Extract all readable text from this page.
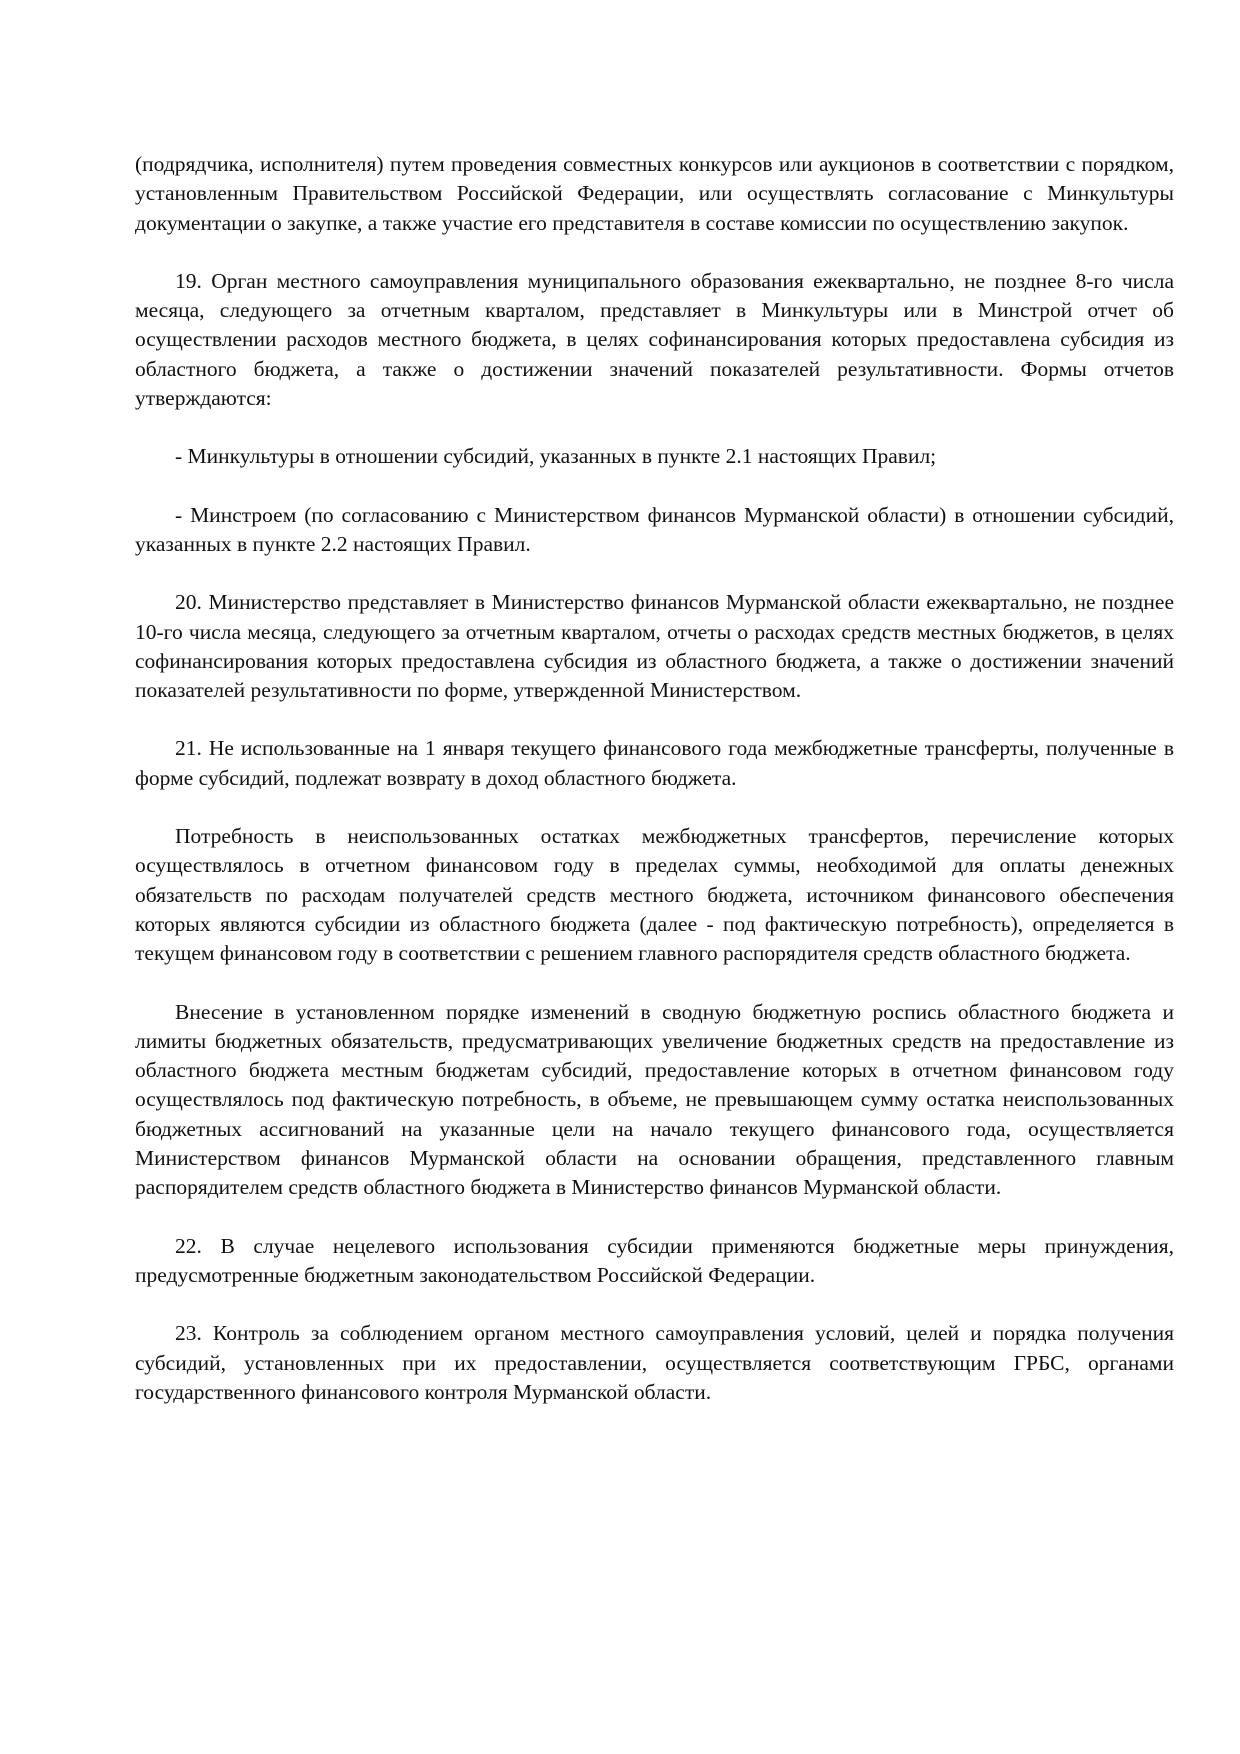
(подрядчика, исполнителя) путем проведения совместных конкурсов или аукционов в соответствии с порядком, установленным Правительством Российской Федерации, или осуществлять согласование с Минкультуры документации о закупке, а также участие его представителя в составе комиссии по осуществлению закупок.

19. Орган местного самоуправления муниципального образования ежеквартально, не позднее 8-го числа месяца, следующего за отчетным кварталом, представляет в Минкультуры или в Минстрой отчет об осуществлении расходов местного бюджета, в целях софинансирования которых предоставлена субсидия из областного бюджета, а также о достижении значений показателей результативности. Формы отчетов утверждаются:

- Минкультуры в отношении субсидий, указанных в пункте 2.1 настоящих Правил;

- Минстроем (по согласованию с Министерством финансов Мурманской области) в отношении субсидий, указанных в пункте 2.2 настоящих Правил.

20. Министерство представляет в Министерство финансов Мурманской области ежеквартально, не позднее 10-го числа месяца, следующего за отчетным кварталом, отчеты о расходах средств местных бюджетов, в целях софинансирования которых предоставлена субсидия из областного бюджета, а также о достижении значений показателей результативности по форме, утвержденной Министерством.

21. Не использованные на 1 января текущего финансового года межбюджетные трансферты, полученные в форме субсидий, подлежат возврату в доход областного бюджета.

Потребность в неиспользованных остатках межбюджетных трансфертов, перечисление которых осуществлялось в отчетном финансовом году в пределах суммы, необходимой для оплаты денежных обязательств по расходам получателей средств местного бюджета, источником финансового обеспечения которых являются субсидии из областного бюджета (далее - под фактическую потребность), определяется в текущем финансовом году в соответствии с решением главного распорядителя средств областного бюджета.

Внесение в установленном порядке изменений в сводную бюджетную роспись областного бюджета и лимиты бюджетных обязательств, предусматривающих увеличение бюджетных средств на предоставление из областного бюджета местным бюджетам субсидий, предоставление которых в отчетном финансовом году осуществлялось под фактическую потребность, в объеме, не превышающем сумму остатка неиспользованных бюджетных ассигнований на указанные цели на начало текущего финансового года, осуществляется Министерством финансов Мурманской области на основании обращения, представленного главным распорядителем средств областного бюджета в Министерство финансов Мурманской области.

22. В случае нецелевого использования субсидии применяются бюджетные меры принуждения, предусмотренные бюджетным законодательством Российской Федерации.

23. Контроль за соблюдением органом местного самоуправления условий, целей и порядка получения субсидий, установленных при их предоставлении, осуществляется соответствующим ГРБС, органами государственного финансового контроля Мурманской области.
